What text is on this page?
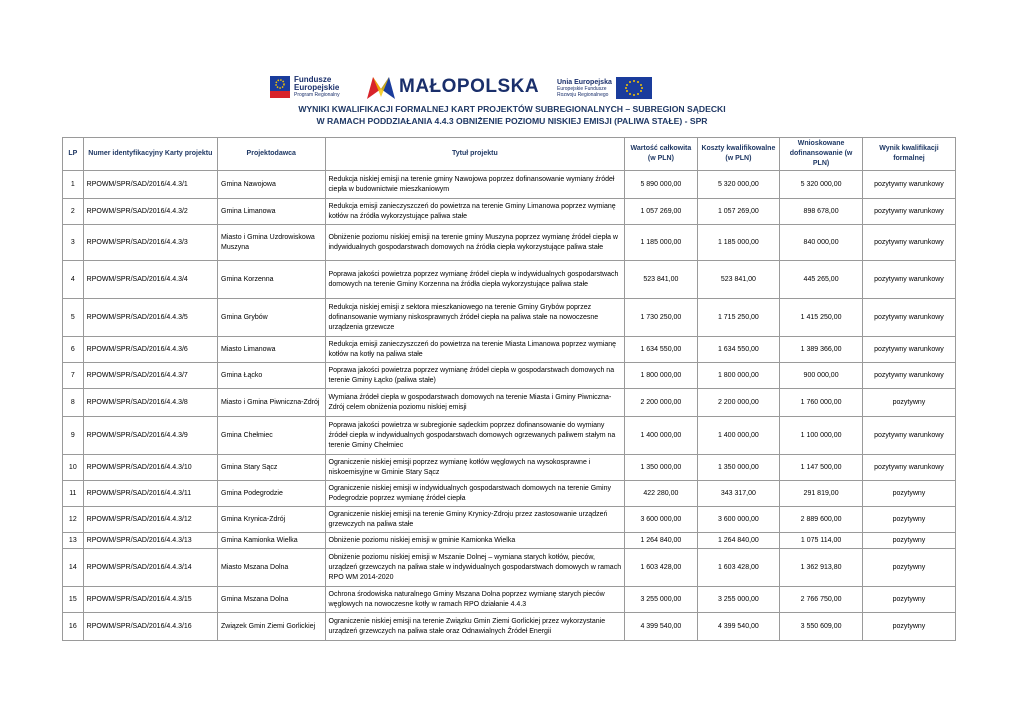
Fundusze
Europejskie
Program Regionalny	MAŁOPOLSKA	Unia Europejska
Europejskie Fundusze
Rozwoju Regionalnego
WYNIKI KWALIFIKACJI FORMALNEJ KART PROJEKTÓW SUBREGIONALNYCH – SUBREGION SĄDECKI
W RAMACH PODDZIAŁANIA 4.4.3 OBNIŻENIE POZIOMU NISKIEJ EMISJI (PALIWA STAŁE) - SPR
LP	Numer identyfikacyjny Karty projektu	Projektodawca	Tytuł projektu	Wartość całkowita (w PLN)	Koszty kwalifikowalne (w PLN)	Wnioskowane dofinansowanie (w PLN)	Wynik kwalifikacji formalnej
1	RPOWM/SPR/SAD/2016/4.4.3/1	Gmina Nawojowa	Redukcja niskiej emisji na terenie gminy Nawojowa poprzez dofinansowanie wymiany źródeł ciepła w budownictwie mieszkaniowym	5 890 000,00	5 320 000,00	5 320 000,00	pozytywny warunkowy
2	RPOWM/SPR/SAD/2016/4.4.3/2	Gmina Limanowa	Redukcja emisji zanieczyszczeń do powietrza na terenie Gminy Limanowa poprzez wymianę kotłów na źródła wykorzystujące paliwa stałe	1 057 269,00	1 057 269,00	898 678,00	pozytywny warunkowy
3	RPOWM/SPR/SAD/2016/4.4.3/3	Miasto i Gmina Uzdrowiskowa Muszyna	Obniżenie poziomu niskiej emisji na terenie gminy Muszyna poprzez wymianę źródeł ciepła w indywidualnych gospodarstwach domowych na źródła ciepła wykorzystujące paliwa stałe	1 185 000,00	1 185 000,00	840 000,00	pozytywny warunkowy
4	RPOWM/SPR/SAD/2016/4.4.3/4	Gmina Korzenna	Poprawa jakości powietrza poprzez wymianę źródeł ciepła w indywidualnych gospodarstwach domowych na terenie Gminy Korzenna na źródła ciepła wykorzystujące paliwa stałe	523 841,00	523 841,00	445 265,00	pozytywny warunkowy
5	RPOWM/SPR/SAD/2016/4.4.3/5	Gmina Grybów	Redukcja niskiej emisji z sektora mieszkaniowego na terenie Gminy Grybów poprzez dofinansowanie wymiany niskosprawnych źródeł ciepła na paliwa stałe na nowoczesne urządzenia grzewcze	1 730 250,00	1 715 250,00	1 415 250,00	pozytywny warunkowy
6	RPOWM/SPR/SAD/2016/4.4.3/6	Miasto Limanowa	Redukcja emisji zanieczyszczeń do powietrza na terenie Miasta Limanowa poprzez wymianę kotłów na kotły na paliwa stałe	1 634 550,00	1 634 550,00	1 389 366,00	pozytywny warunkowy
7	RPOWM/SPR/SAD/2016/4.4.3/7	Gmina Łącko	Poprawa jakości powietrza poprzez wymianę źródeł ciepła w gospodarstwach domowych na terenie Gminy Łącko (paliwa stałe)	1 800 000,00	1 800 000,00	900 000,00	pozytywny warunkowy
8	RPOWM/SPR/SAD/2016/4.4.3/8	Miasto i Gmina Piwniczna-Zdrój	Wymiana źródeł ciepła w gospodarstwach domowych na terenie Miasta i Gminy Piwniczna-Zdrój celem obniżenia poziomu niskiej emisji	2 200 000,00	2 200 000,00	1 760 000,00	pozytywny
9	RPOWM/SPR/SAD/2016/4.4.3/9	Gmina Chełmiec	Poprawa jakości powietrza w subregionie sądeckim poprzez dofinansowanie do wymiany źródeł ciepła w indywidualnych gospodarstwach domowych ogrzewanych paliwem stałym na terenie Gminy Chełmiec	1 400 000,00	1 400 000,00	1 100 000,00	pozytywny warunkowy
10	RPOWM/SPR/SAD/2016/4.4.3/10	Gmina Stary Sącz	Ograniczenie niskiej emisji poprzez wymianę kotłów węglowych na wysokosprawne i niskoemisyjne w Gminie Stary Sącz	1 350 000,00	1 350 000,00	1 147 500,00	pozytywny warunkowy
11	RPOWM/SPR/SAD/2016/4.4.3/11	Gmina Podegrodzie	Ograniczenie niskiej emisji w indywidualnych gospodarstwach domowych na terenie Gminy Podegrodzie poprzez wymianę źródeł ciepła	422 280,00	343 317,00	291 819,00	pozytywny
12	RPOWM/SPR/SAD/2016/4.4.3/12	Gmina Krynica-Zdrój	Ograniczenie niskiej emisji na terenie Gminy Krynicy-Zdroju przez zastosowanie urządzeń grzewczych na paliwa stałe	3 600 000,00	3 600 000,00	2 889 600,00	pozytywny
13	RPOWM/SPR/SAD/2016/4.4.3/13	Gmina Kamionka Wielka	Obniżenie poziomu niskiej emisji w gminie Kamionka Wielka	1 264 840,00	1 264 840,00	1 075 114,00	pozytywny
14	RPOWM/SPR/SAD/2016/4.4.3/14	Miasto Mszana Dolna	Obniżenie poziomu niskiej emisji w Mszanie Dolnej – wymiana starych kotłów, pieców, urządzeń grzewczych na paliwa stałe w indywidualnych gospodarstwach domowych w ramach RPO WM 2014-2020	1 603 428,00	1 603 428,00	1 362 913,80	pozytywny
15	RPOWM/SPR/SAD/2016/4.4.3/15	Gmina Mszana Dolna	Ochrona środowiska naturalnego Gminy Mszana Dolna poprzez wymianę starych pieców węglowych na nowoczesne kotły w ramach RPO działanie 4.4.3	3 255 000,00	3 255 000,00	2 766 750,00	pozytywny
16	RPOWM/SPR/SAD/2016/4.4.3/16	Związek Gmin Ziemi Gorlickiej	Ograniczenie niskiej emisji na terenie Związku Gmin Ziemi Gorlickiej przez wykorzystanie urządzeń grzewczych na paliwa stałe oraz Odnawialnych Źródeł Energii	4 399 540,00	4 399 540,00	3 550 609,00	pozytywny
